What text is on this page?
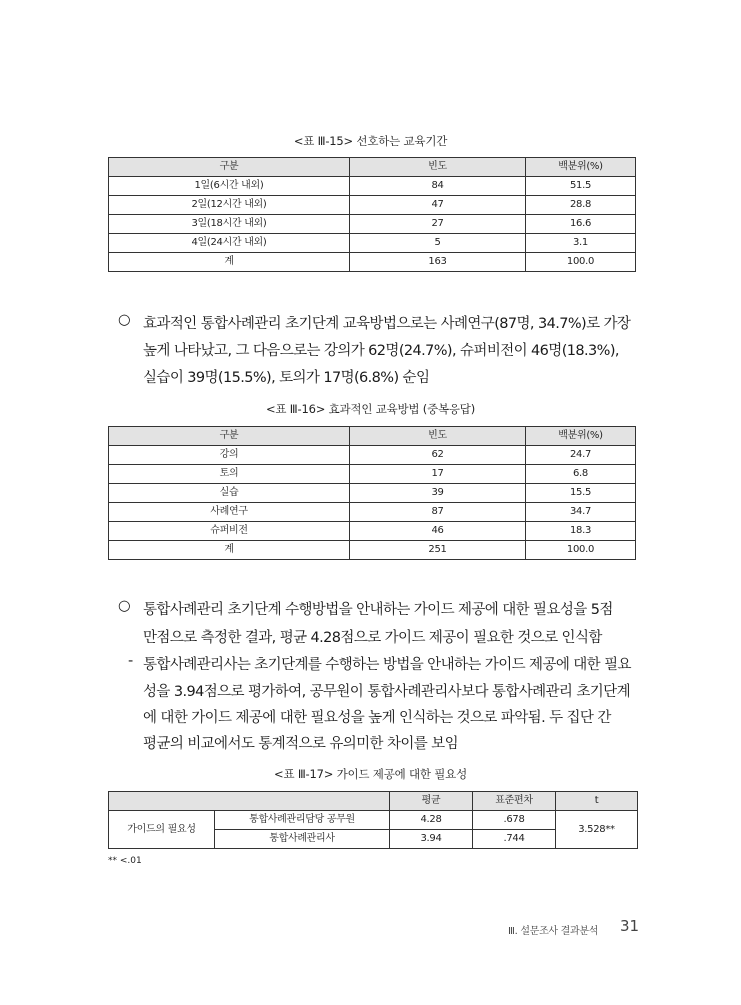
<표 Ⅲ-15> 선호하는 교육기간
구분	빈도	백분위(%)
1일(6시간 내외)	84	51.5
2일(12시간 내외)	47	28.8
3일(18시간 내외)	27	16.6
4일(24시간 내외)	5	3.1
계	163	100.0
○ 효과적인 통합사례관리 초기단계 교육방법으로는 사례연구(87명, 34.7%)로 가장
높게 나타났고, 그 다음으로는 강의가 62명(24.7%), 슈퍼비전이 46명(18.3%),
실습이 39명(15.5%), 토의가 17명(6.8%) 순임
<표 Ⅲ-16> 효과적인 교육방법 (중복응답)
구분	빈도	백분위(%)
강의	62	24.7
토의	17	6.8
실습	39	15.5
사례연구	87	34.7
슈퍼비전	46	18.3
계	251	100.0
○ 통합사례관리 초기단계 수행방법을 안내하는 가이드 제공에 대한 필요성을 5점
만점으로 측정한 결과, 평균 4.28점으로 가이드 제공이 필요한 것으로 인식함
- 통합사례관리사는 초기단계를 수행하는 방법을 안내하는 가이드 제공에 대한 필요
성을 3.94점으로 평가하여, 공무원이 통합사례관리사보다 통합사례관리 초기단계
에 대한 가이드 제공에 대한 필요성을 높게 인식하는 것으로 파악됨. 두 집단 간
평균의 비교에서도 통계적으로 유의미한 차이를 보임
<표 Ⅲ-17> 가이드 제공에 대한 필요성
		평균	표준편차	t
가이드의 필요성	통합사례관리담당 공무원	4.28	.678	3.528**
	통합사례관리사	3.94	.744	
** <.01
Ⅲ. 설문조사 결과분석 31
